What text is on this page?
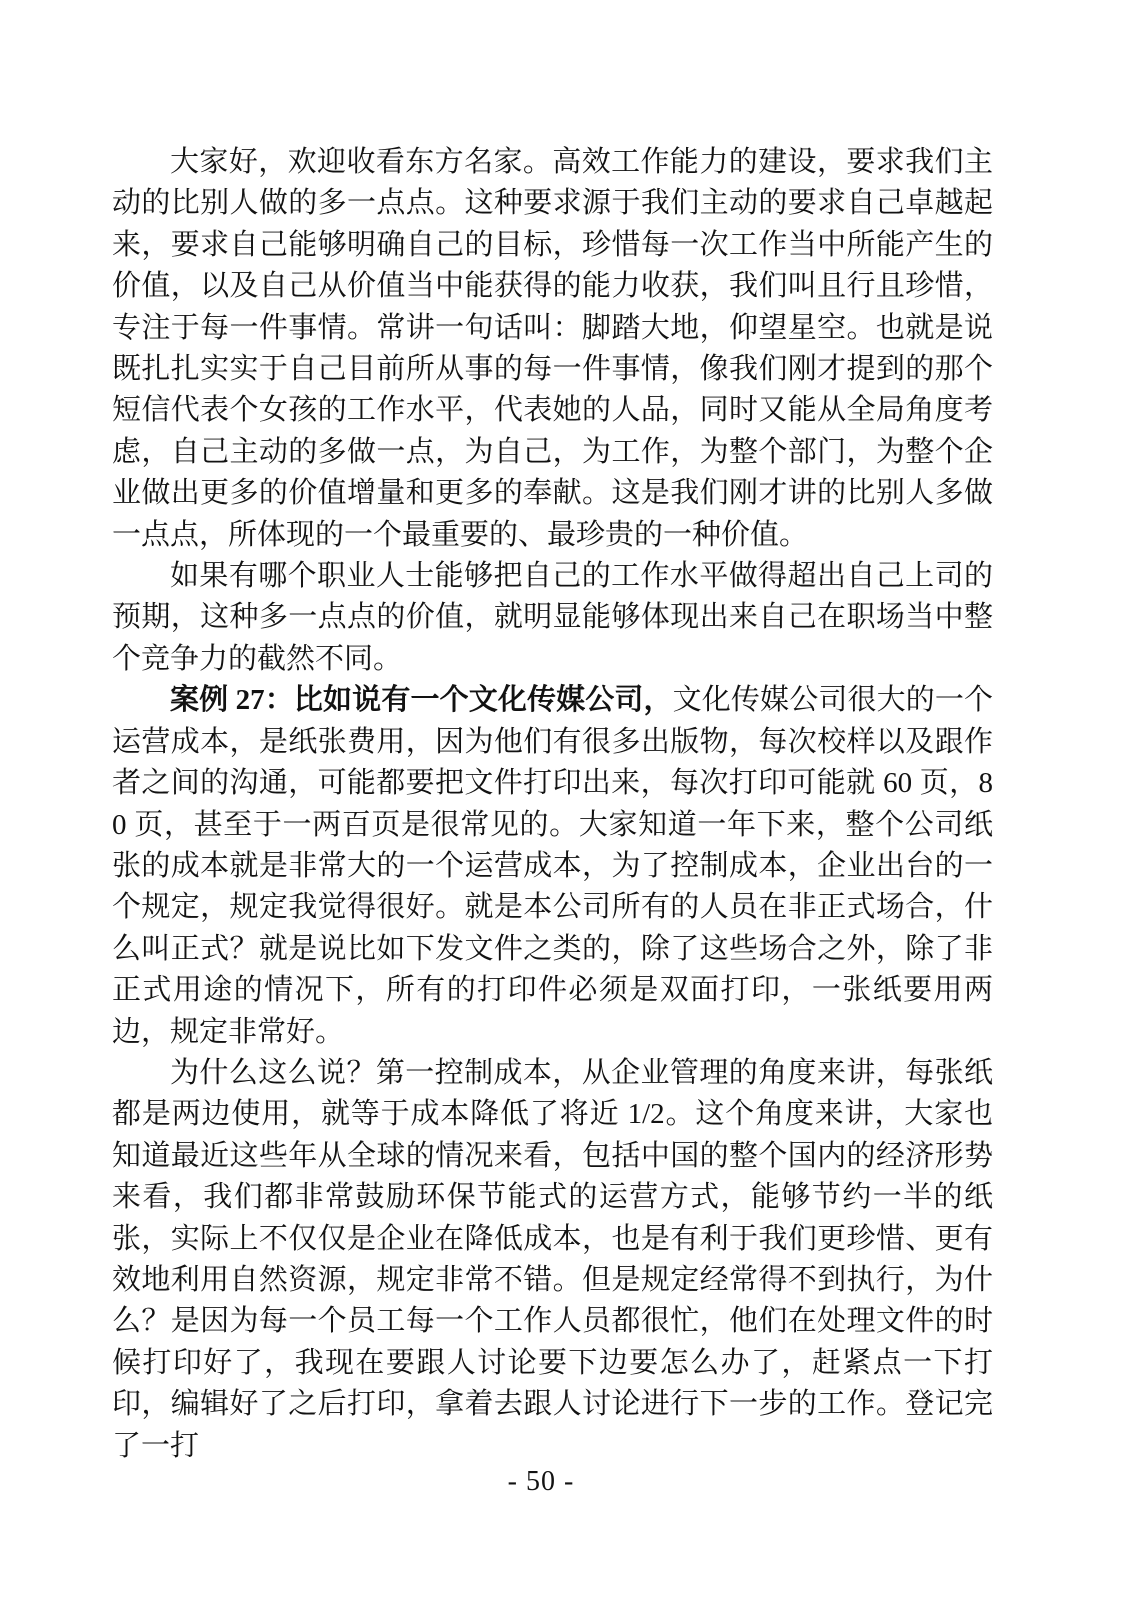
大家好，欢迎收看东方名家。高效工作能力的建设，要求我们主动的比别人做的多一点点。这种要求源于我们主动的要求自己卓越起来，要求自己能够明确自己的目标，珍惜每一次工作当中所能产生的价值，以及自己从价值当中能获得的能力收获，我们叫且行且珍惜，专注于每一件事情。常讲一句话叫：脚踏大地，仰望星空。也就是说既扎扎实实于自己目前所从事的每一件事情，像我们刚才提到的那个短信代表个女孩的工作水平，代表她的人品，同时又能从全局角度考虑，自己主动的多做一点，为自己，为工作，为整个部门，为整个企业做出更多的价值增量和更多的奉献。这是我们刚才讲的比别人多做一点点，所体现的一个最重要的、最珍贵的一种价值。

如果有哪个职业人士能够把自己的工作水平做得超出自己上司的预期，这种多一点点的价值，就明显能够体现出来自己在职场当中整个竞争力的截然不同。

案例 27：比如说有一个文化传媒公司，文化传媒公司很大的一个运营成本，是纸张费用，因为他们有很多出版物，每次校样以及跟作者之间的沟通，可能都要把文件打印出来，每次打印可能就 60 页，80 页，甚至于一两百页是很常见的。大家知道一年下来，整个公司纸张的成本就是非常大的一个运营成本，为了控制成本，企业出台的一个规定，规定我觉得很好。就是本公司所有的人员在非正式场合，什么叫正式？就是说比如下发文件之类的，除了这些场合之外，除了非正式用途的情况下，所有的打印件必须是双面打印，一张纸要用两边，规定非常好。

为什么这么说？第一控制成本，从企业管理的角度来讲，每张纸都是两边使用，就等于成本降低了将近 1/2。这个角度来讲，大家也知道最近这些年从全球的情况来看，包括中国的整个国内的经济形势来看，我们都非常鼓励环保节能式的运营方式，能够节约一半的纸张，实际上不仅仅是企业在降低成本，也是有利于我们更珍惜、更有效地利用自然资源，规定非常不错。但是规定经常得不到执行，为什么？是因为每一个员工每一个工作人员都很忙，他们在处理文件的时候打印好了，我现在要跟人讨论要下边要怎么办了，赶紧点一下打印，编辑好了之后打印，拿着去跟人讨论进行下一步的工作。登记完了一打

- 50 -
